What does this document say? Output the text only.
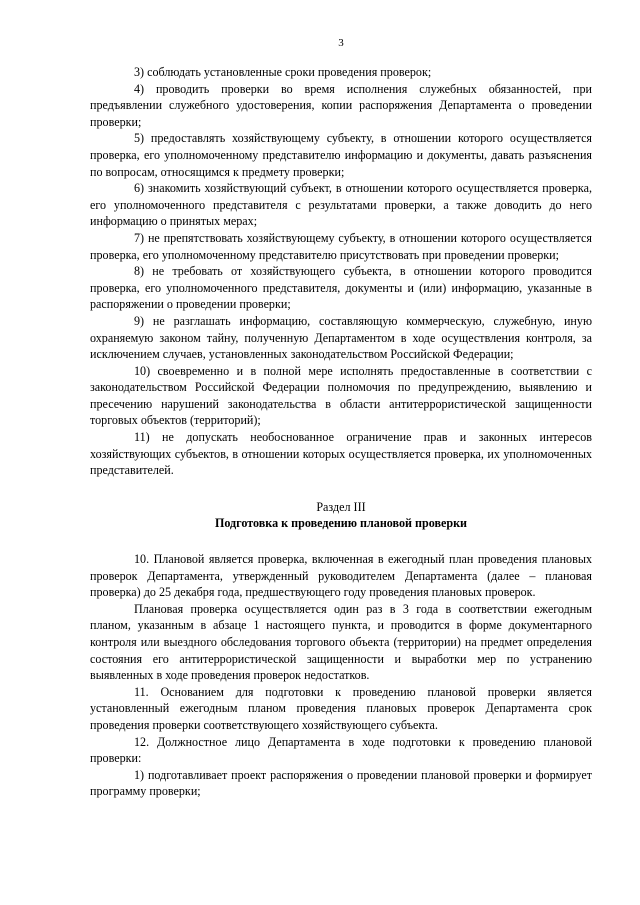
3

3) соблюдать установленные сроки проведения проверок;

4) проводить проверки во время исполнения служебных обязанностей, при предъявлении служебного удостоверения, копии распоряжения Департамента о проведении проверки;

5) предоставлять хозяйствующему субъекту, в отношении которого осуществляется проверка, его уполномоченному представителю информацию и документы, давать разъяснения по вопросам, относящимся к предмету проверки;

6) знакомить хозяйствующий субъект, в отношении которого осуществляется проверка, его уполномоченного представителя с результатами проверки, а также доводить до него информацию о принятых мерах;

7) не препятствовать хозяйствующему субъекту, в отношении которого осуществляется проверка, его уполномоченному представителю присутствовать при проведении проверки;

8) не требовать от хозяйствующего субъекта, в отношении которого проводится проверка, его уполномоченного представителя, документы и (или) информацию, указанные в распоряжении о проведении проверки;

9) не разглашать информацию, составляющую коммерческую, служебную, иную охраняемую законом тайну, полученную Департаментом в ходе осуществления контроля, за исключением случаев, установленных законодательством Российской Федерации;

10) своевременно и в полной мере исполнять предоставленные в соответствии с законодательством Российской Федерации полномочия по предупреждению, выявлению и пресечению нарушений законодательства в области антитеррористической защищенности торговых объектов (территорий);

11) не допускать необоснованное ограничение прав и законных интересов хозяйствующих субъектов, в отношении которых осуществляется проверка, их уполномоченных представителей.

Раздел III
Подготовка к проведению плановой проверки

10. Плановой является проверка, включенная в ежегодный план проведения плановых проверок Департамента, утвержденный руководителем Департамента (далее – плановая проверка) до 25 декабря года, предшествующего году проведения плановых проверок.

Плановая проверка осуществляется один раз в 3 года в соответствии ежегодным планом, указанным в абзаце 1 настоящего пункта, и проводится в форме документарного контроля или выездного обследования торгового объекта (территории) на предмет определения состояния его антитеррористической защищенности и выработки мер по устранению выявленных в ходе проведения проверок недостатков.

11. Основанием для подготовки к проведению плановой проверки является установленный ежегодным планом проведения плановых проверок Департамента срок проведения проверки соответствующего хозяйствующего субъекта.

12. Должностное лицо Департамента в ходе подготовки к проведению плановой проверки:

1) подготавливает проект распоряжения о проведении плановой проверки и формирует программу проверки;
